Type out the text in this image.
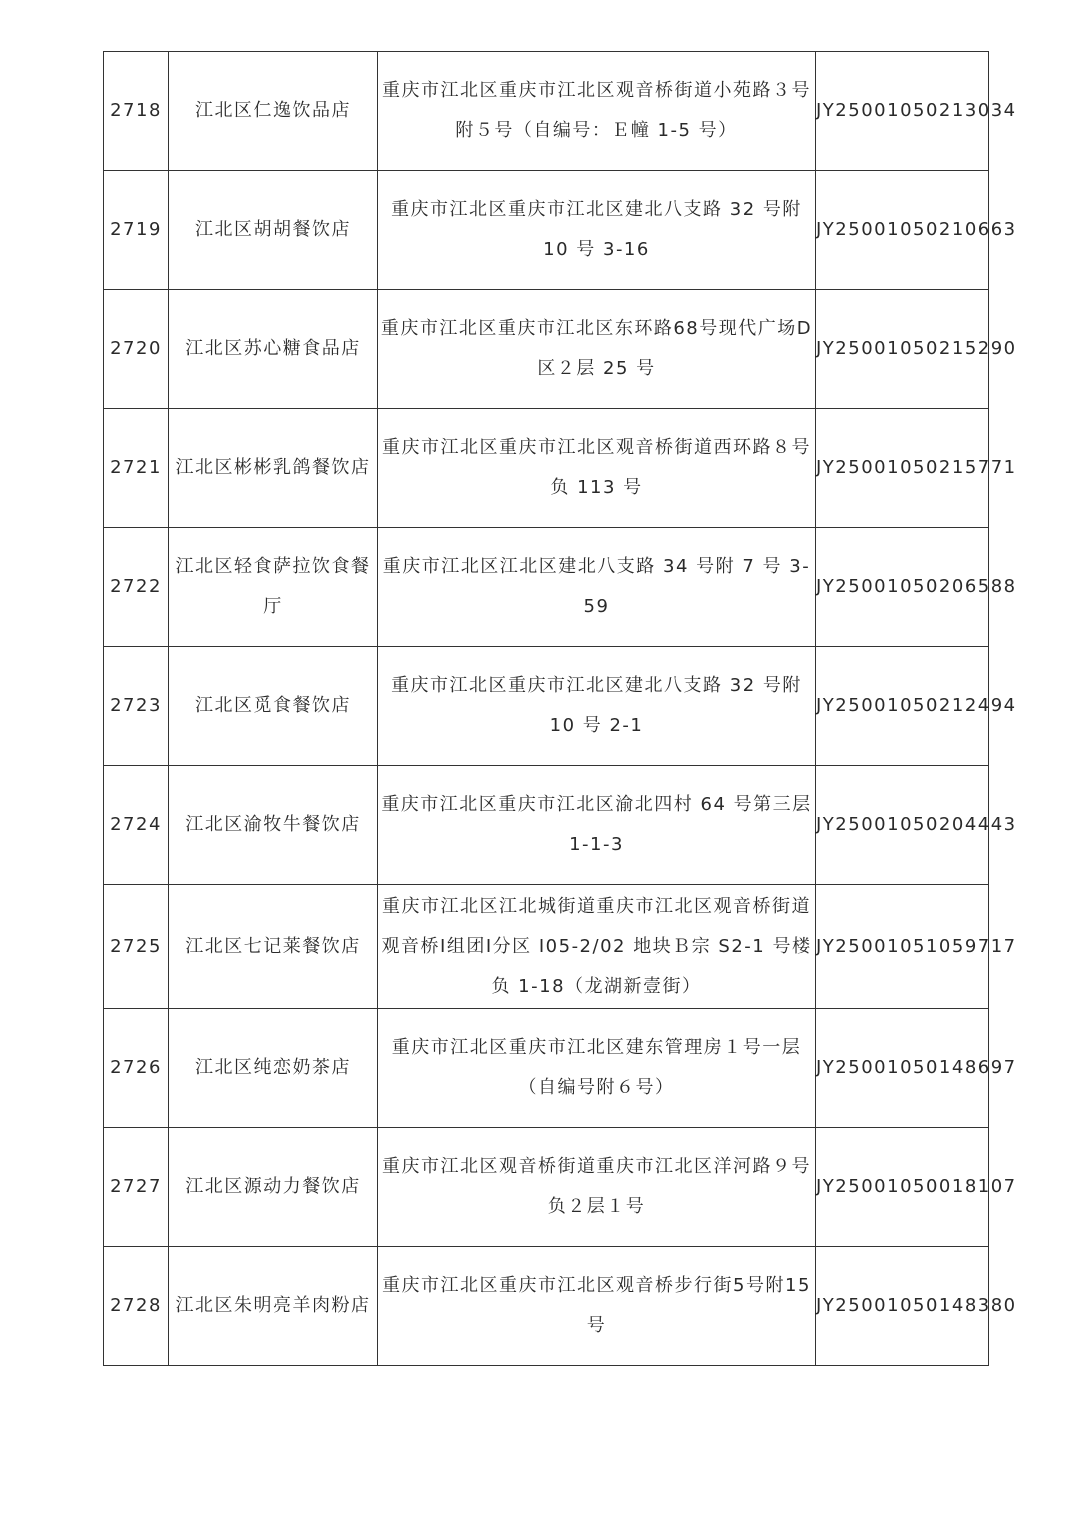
2718	江北区仁逸饮品店	重庆市江北区重庆市江北区观音桥街道小苑路３号附５号（自编号：Ｅ幢 1-5 号）	JY25001050213034
2719	江北区胡胡餐饮店	重庆市江北区重庆市江北区建北八支路 32 号附 10 号 3-16	JY25001050210663
2720	江北区苏心糖食品店	重庆市江北区重庆市江北区东环路68号现代广场D区２层 25 号	JY25001050215290
2721	江北区彬彬乳鸽餐饮店	重庆市江北区重庆市江北区观音桥街道西环路８号负 113 号	JY25001050215771
2722	江北区轻食萨拉饮食餐厅	重庆市江北区江北区建北八支路 34 号附 7 号 3-59	JY25001050206588
2723	江北区觅食餐饮店	重庆市江北区重庆市江北区建北八支路 32 号附 10 号 2-1	JY25001050212494
2724	江北区渝牧牛餐饮店	重庆市江北区重庆市江北区渝北四村 64 号第三层 1-1-3	JY25001050204443
2725	江北区七记莱餐饮店	重庆市江北区江北城街道重庆市江北区观音桥街道观音桥Ⅰ组团Ⅰ分区 I05-2/02 地块Ｂ宗 S2-1 号楼负 1-18（龙湖新壹街）	JY25001051059717
2726	江北区纯恋奶茶店	重庆市江北区重庆市江北区建东管理房１号一层（自编号附６号）	JY25001050148697
2727	江北区源动力餐饮店	重庆市江北区观音桥街道重庆市江北区洋河路９号负２层１号	JY25001050018107
2728	江北区朱明亮羊肉粉店	重庆市江北区重庆市江北区观音桥步行街5号附15号	JY25001050148380
